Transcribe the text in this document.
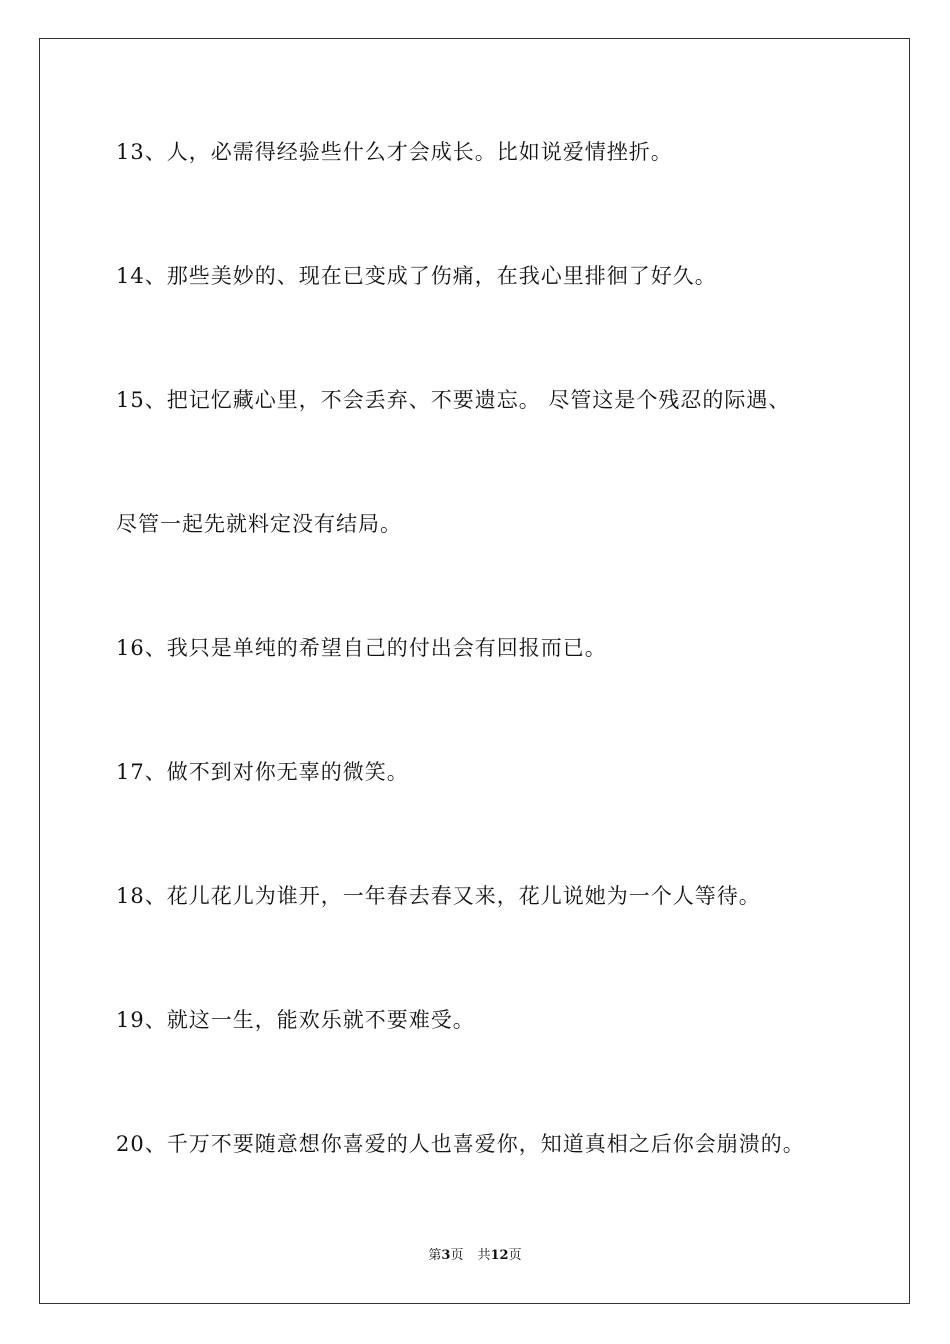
13、人，必需得经验些什么才会成长。比如说爱情挫折。
14、那些美妙的、现在已变成了伤痛，在我心里排徊了好久。
15、把记忆藏心里，不会丢弃、不要遗忘。 尽管这是个残忍的际遇、
尽管一起先就料定没有结局。
16、我只是单纯的希望自己的付出会有回报而已。
17、做不到对你无辜的微笑。
18、花儿花儿为谁开，一年春去春又来，花儿说她为一个人等待。
19、就这一生，能欢乐就不要难受。
20、千万不要随意想你喜爱的人也喜爱你，知道真相之后你会崩溃的。
第3页 共12页
